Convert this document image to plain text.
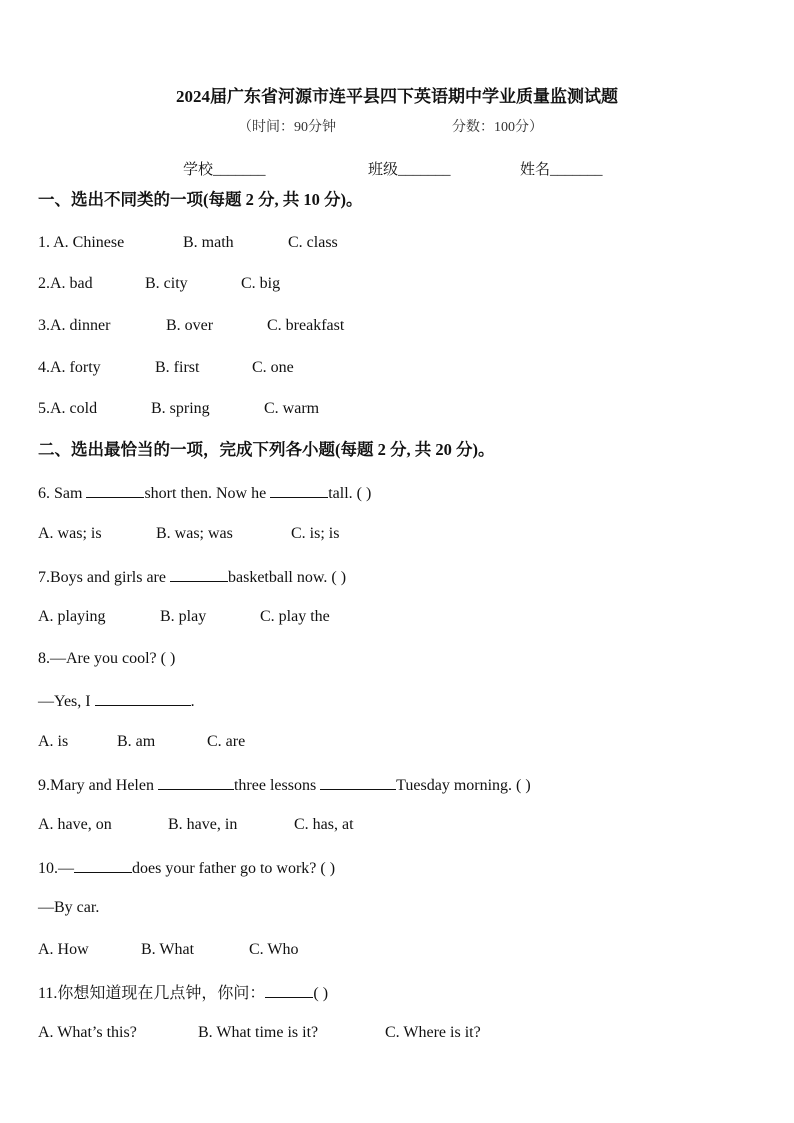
2024届广东省河源市连平县四下英语期中学业质量监测试题
（时间：90分钟	分数：100分）
学校_______	班级_______	姓名_______
一、选出不同类的一项(每题 2 分, 共 10 分)。
1. A. Chinese	B. math	C. class
2.A. bad	B. city	C. big
3.A. dinner	B. over	C. breakfast
4.A. forty	B. first	C. one
5.A. cold	B. spring	C. warm
二、选出最恰当的一项，完成下列各小题(每题 2 分, 共 20 分)。
6. Sam	short then. Now he	tall. ( )
A. was; is	B. was; was	C. is; is
7.Boys and girls are	basketball now. ( )
A. playing	B. play	C. play the
8.—Are you cool? ( )
—Yes, I	.
A. is	B. am	C. are
9.Mary and Helen	three lessons	Tuesday morning. ( )
A. have, on	B. have, in	C. has, at
10.—	does your father go to work? ( )
—By car.
A. How	B. What	C. Who
11.你想知道现在几点钟，你问：	( )
A. What’s this?	B. What time is it?	C. Where is it?
